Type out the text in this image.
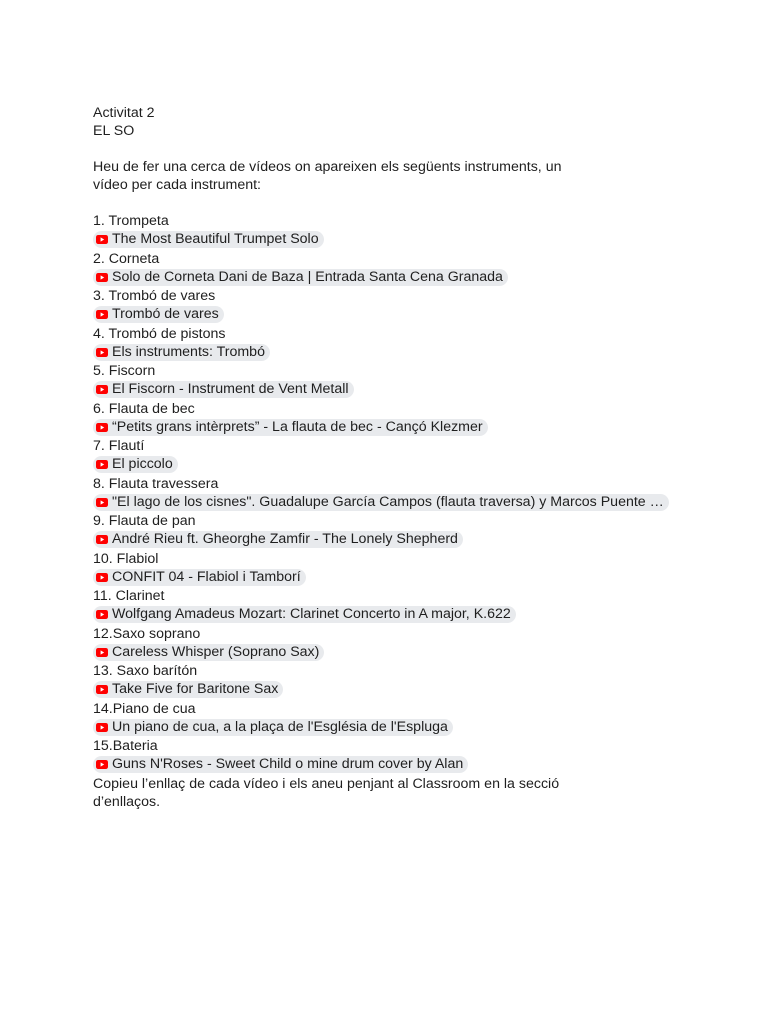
Activitat 2
EL SO
Heu de fer una cerca de vídeos on apareixen els següents instruments, un
vídeo per cada instrument:
1. Trompeta
The Most Beautiful Trumpet Solo
2. Corneta
Solo de Corneta Dani de Baza | Entrada Santa Cena Granada
3. Trombó de vares
Trombó de vares
4. Trombó de pistons
Els instruments: Trombó
5. Fiscorn
El Fiscorn - Instrument de Vent Metall
6. Flauta de bec
“Petits grans intèrprets” - La flauta de bec - Cançó Klezmer
7. Flautí
El piccolo
8. Flauta travessera
"El lago de los cisnes". Guadalupe García Campos (flauta traversa) y Marcos Puente …
9. Flauta de pan
André Rieu ft. Gheorghe Zamfir - The Lonely Shepherd
10. Flabiol
CONFIT 04 - Flabiol i Tamborí
11. Clarinet
Wolfgang Amadeus Mozart: Clarinet Concerto in A major, K.622
12.Saxo soprano
Careless Whisper (Soprano Sax)
13. Saxo barítón
Take Five for Baritone Sax
14.Piano de cua
Un piano de cua, a la plaça de l'Església de l'Espluga
15.Bateria
Guns N'Roses - Sweet Child o mine drum cover by Alan
Copieu l’enllaç de cada vídeo i els aneu penjant al Classroom en la secció
d’enllaços.
